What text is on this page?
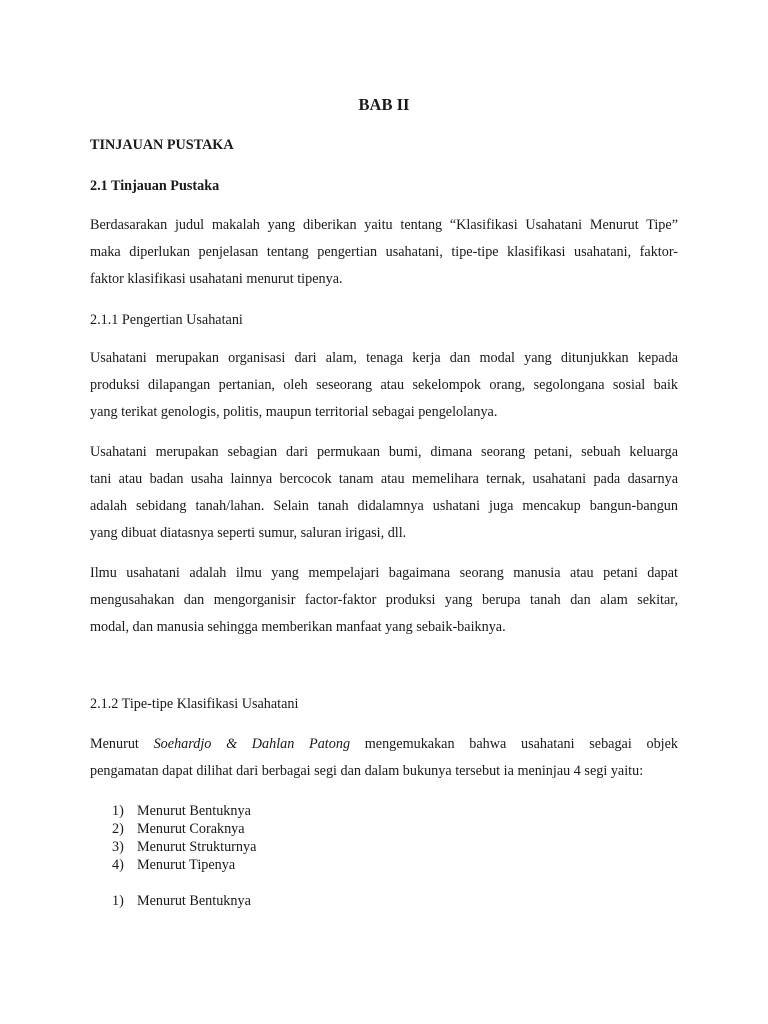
BAB II
TINJAUAN PUSTAKA
2.1 Tinjauan Pustaka

Berdasarakan judul makalah yang diberikan yaitu tentang “Klasifikasi Usahatani Menurut Tipe”
maka diperlukan penjelasan tentang pengertian usahatani, tipe-tipe klasifikasi usahatani, faktor-
faktor klasifikasi usahatani menurut tipenya.

2.1.1 Pengertian Usahatani

Usahatani merupakan organisasi dari alam, tenaga kerja dan modal yang ditunjukkan kepada
produksi dilapangan pertanian, oleh seseorang atau sekelompok orang, segolongana sosial baik
yang terikat genologis, politis, maupun territorial sebagai pengelolanya.

Usahatani merupakan sebagian dari permukaan bumi, dimana seorang petani, sebuah keluarga
tani atau badan usaha lainnya bercocok tanam atau memelihara ternak, usahatani pada dasarnya
adalah sebidang tanah/lahan. Selain tanah didalamnya ushatani juga mencakup bangun-bangun
yang dibuat diatasnya seperti sumur, saluran irigasi, dll.

Ilmu usahatani adalah ilmu yang mempelajari bagaimana seorang manusia atau petani dapat
mengusahakan dan mengorganisir factor-faktor produksi yang berupa tanah dan alam sekitar,
modal, dan manusia sehingga memberikan manfaat yang sebaik-baiknya.

2.1.2 Tipe-tipe Klasifikasi Usahatani

Menurut Soehardjo & Dahlan Patong mengemukakan bahwa usahatani sebagai objek
pengamatan dapat dilihat dari berbagai segi dan dalam bukunya tersebut ia meninjau 4 segi yaitu:

1) Menurut Bentuknya
2) Menurut Coraknya
3) Menurut Strukturnya
4) Menurut Tipenya
1) Menurut Bentuknya
